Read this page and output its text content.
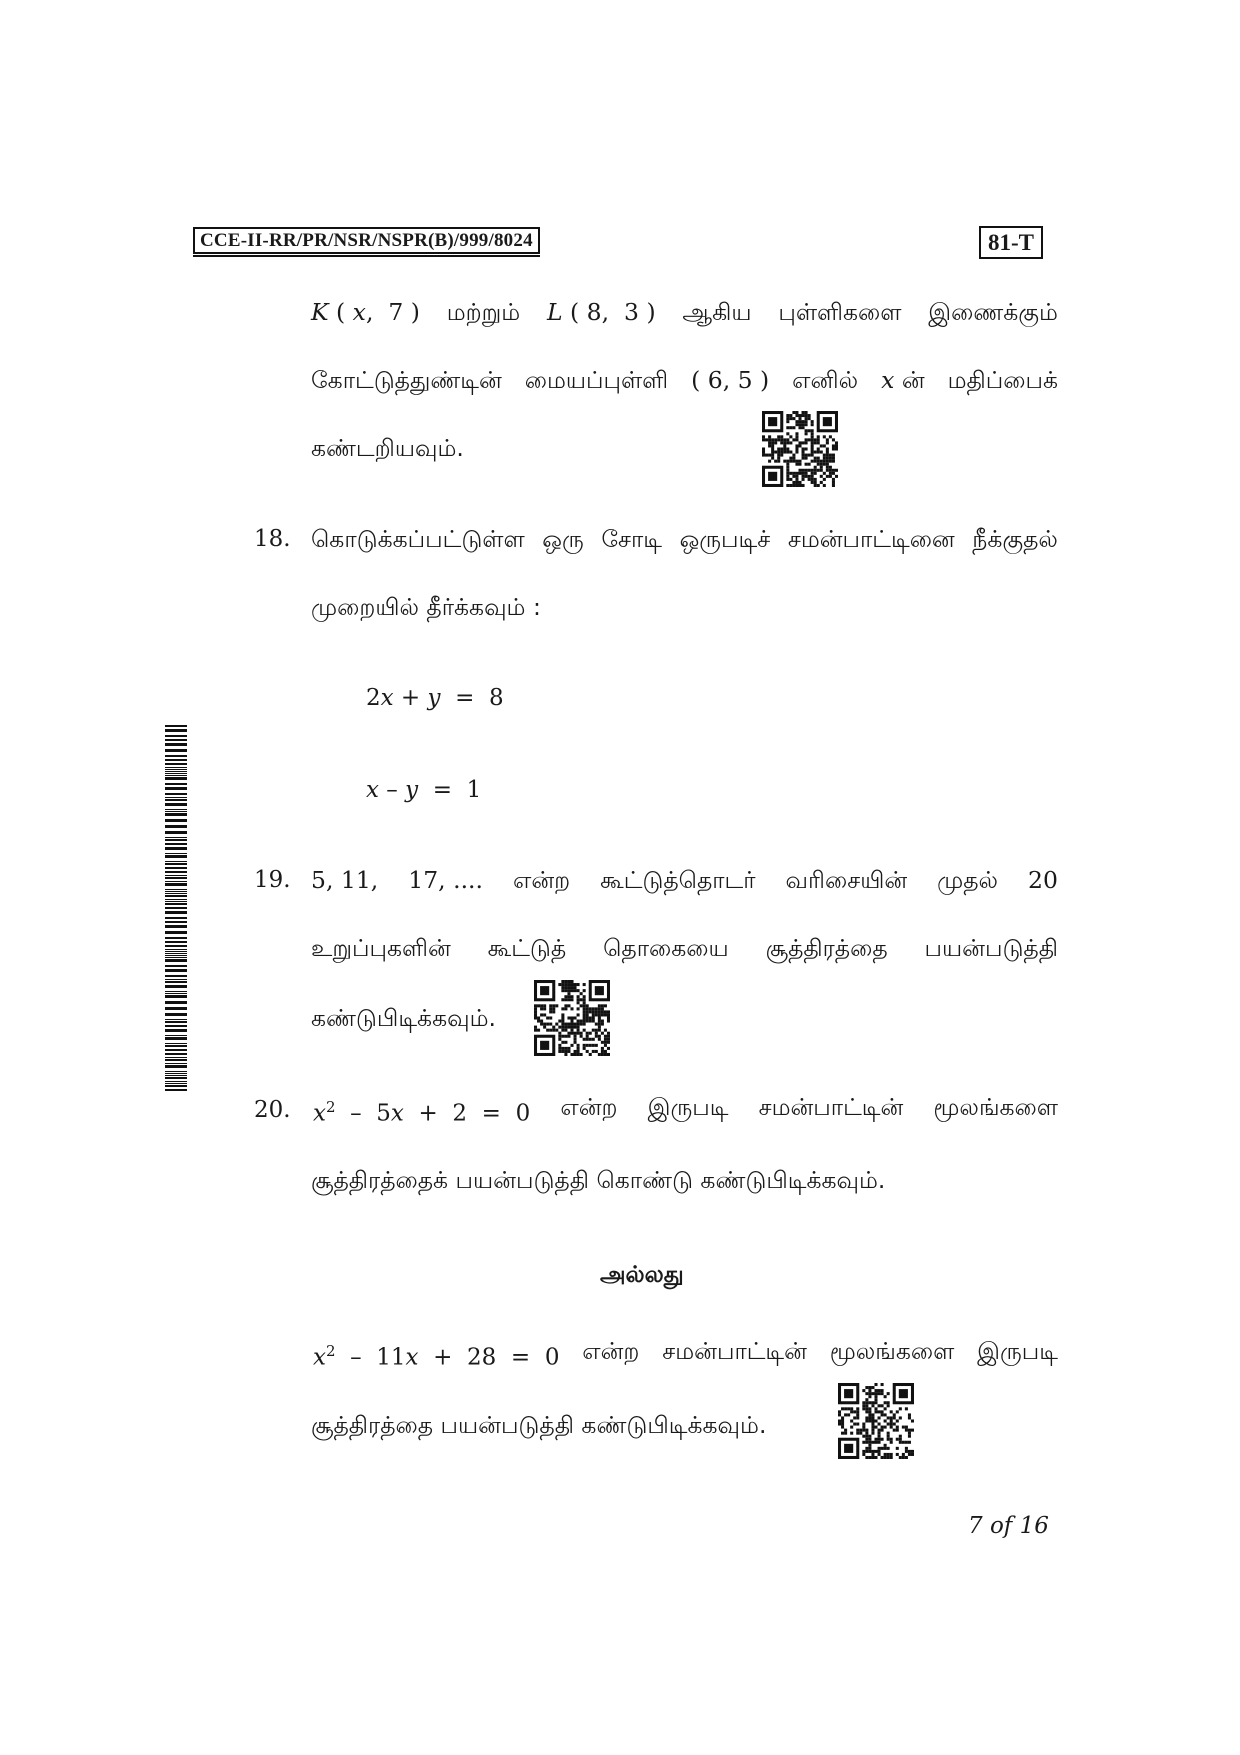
CCE-II-RR/PR/NSR/NSPR(B)/999/8024	81-T
K ( x,  7 ) மற்றும் L ( 8,  3 ) ஆகிய புள்ளிகளை இணைக்கும்
கோட்டுத்துண்டின் மையப்புள்ளி ( 6, 5 ) எனில் x ன் மதிப்பைக்
கண்டறியவும்.
18. கொடுக்கப்பட்டுள்ள ஒரு சோடி ஒருபடிச் சமன்பாட்டினை நீக்குதல்
முறையில் தீர்க்கவும் :
2x + y  =  8
x – y  =  1
19. 5, 11, 17, .... என்ற கூட்டுத்தொடர் வரிசையின் முதல் 20
உறுப்புகளின் கூட்டுத் தொகையை சூத்திரத்தை பயன்படுத்தி
கண்டுபிடிக்கவும்.
20. $x^2 - 5x + 2 = 0$ என்ற இருபடி சமன்பாட்டின் மூலங்களை
சூத்திரத்தைக் பயன்படுத்தி கொண்டு கண்டுபிடிக்கவும்.
அல்லது
$x^2 - 11x + 28 = 0$ என்ற சமன்பாட்டின் மூலங்களை இருபடி
சூத்திரத்தை பயன்படுத்தி கண்டுபிடிக்கவும்.
7 of 16
